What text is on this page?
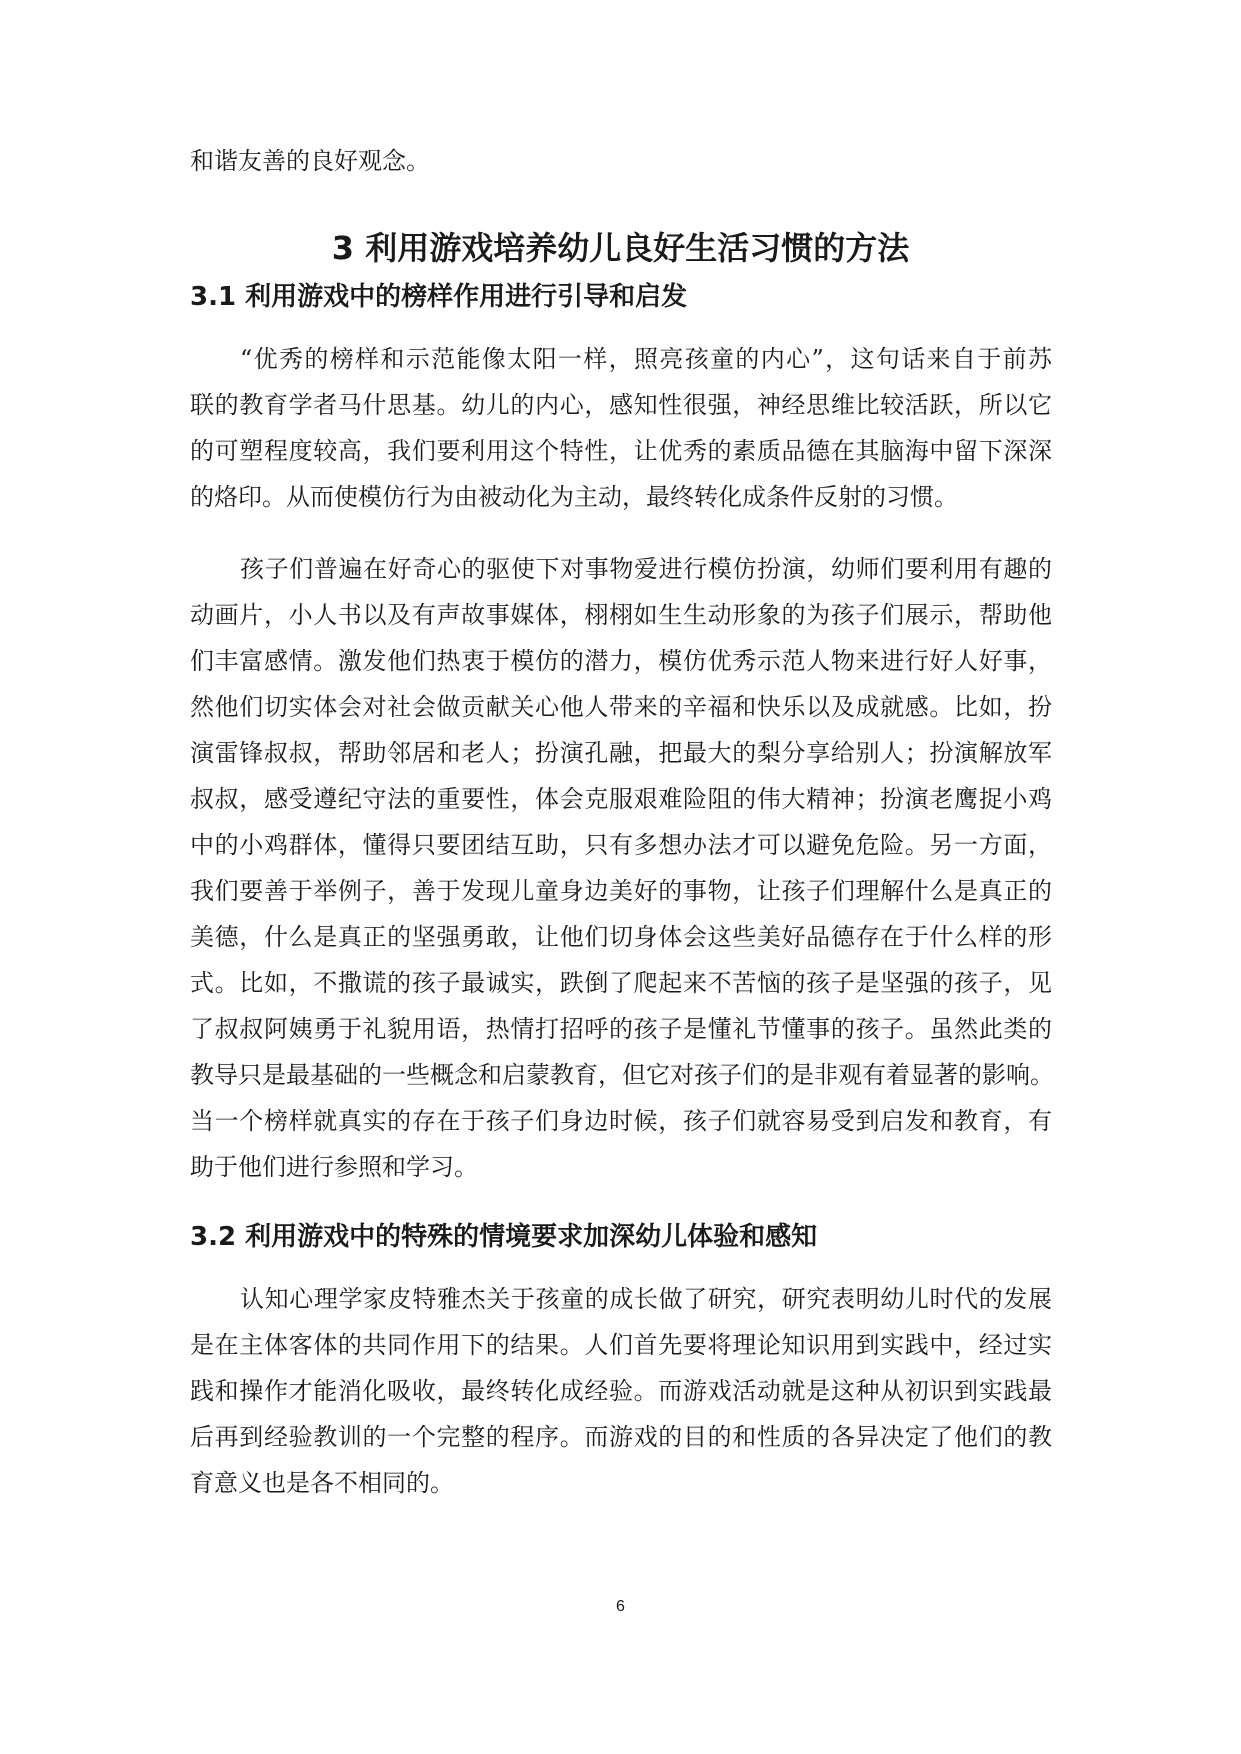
和谐友善的良好观念。

3 利用游戏培养幼儿良好生活习惯的方法
3.1 利用游戏中的榜样作用进行引导和启发

“优秀的榜样和示范能像太阳一样，照亮孩童的内心”，这句话来自于前苏

联的教育学者马什思基。幼儿的内心，感知性很强，神经思维比较活跃，所以它

的可塑程度较高，我们要利用这个特性，让优秀的素质品德在其脑海中留下深深

的烙印。从而使模仿行为由被动化为主动，最终转化成条件反射的习惯。

孩子们普遍在好奇心的驱使下对事物爱进行模仿扮演，幼师们要利用有趣的

动画片，小人书以及有声故事媒体，栩栩如生生动形象的为孩子们展示，帮助他

们丰富感情。激发他们热衷于模仿的潜力，模仿优秀示范人物来进行好人好事，

然他们切实体会对社会做贡献关心他人带来的辛福和快乐以及成就感。比如，扮

演雷锋叔叔，帮助邻居和老人；扮演孔融，把最大的梨分享给别人；扮演解放军

叔叔，感受遵纪守法的重要性，体会克服艰难险阻的伟大精神；扮演老鹰捉小鸡

中的小鸡群体，懂得只要团结互助，只有多想办法才可以避免危险。另一方面，

我们要善于举例子，善于发现儿童身边美好的事物，让孩子们理解什么是真正的

美德，什么是真正的坚强勇敢，让他们切身体会这些美好品德存在于什么样的形

式。比如，不撒谎的孩子最诚实，跌倒了爬起来不苦恼的孩子是坚强的孩子，见

了叔叔阿姨勇于礼貌用语，热情打招呼的孩子是懂礼节懂事的孩子。虽然此类的

教导只是最基础的一些概念和启蒙教育，但它对孩子们的是非观有着显著的影响。

当一个榜样就真实的存在于孩子们身边时候，孩子们就容易受到启发和教育，有

助于他们进行参照和学习。

3.2 利用游戏中的特殊的情境要求加深幼儿体验和感知

认知心理学家皮特雅杰关于孩童的成长做了研究，研究表明幼儿时代的发展

是在主体客体的共同作用下的结果。人们首先要将理论知识用到实践中，经过实

践和操作才能消化吸收，最终转化成经验。而游戏活动就是这种从初识到实践最

后再到经验教训的一个完整的程序。而游戏的目的和性质的各异决定了他们的教

育意义也是各不相同的。

6
